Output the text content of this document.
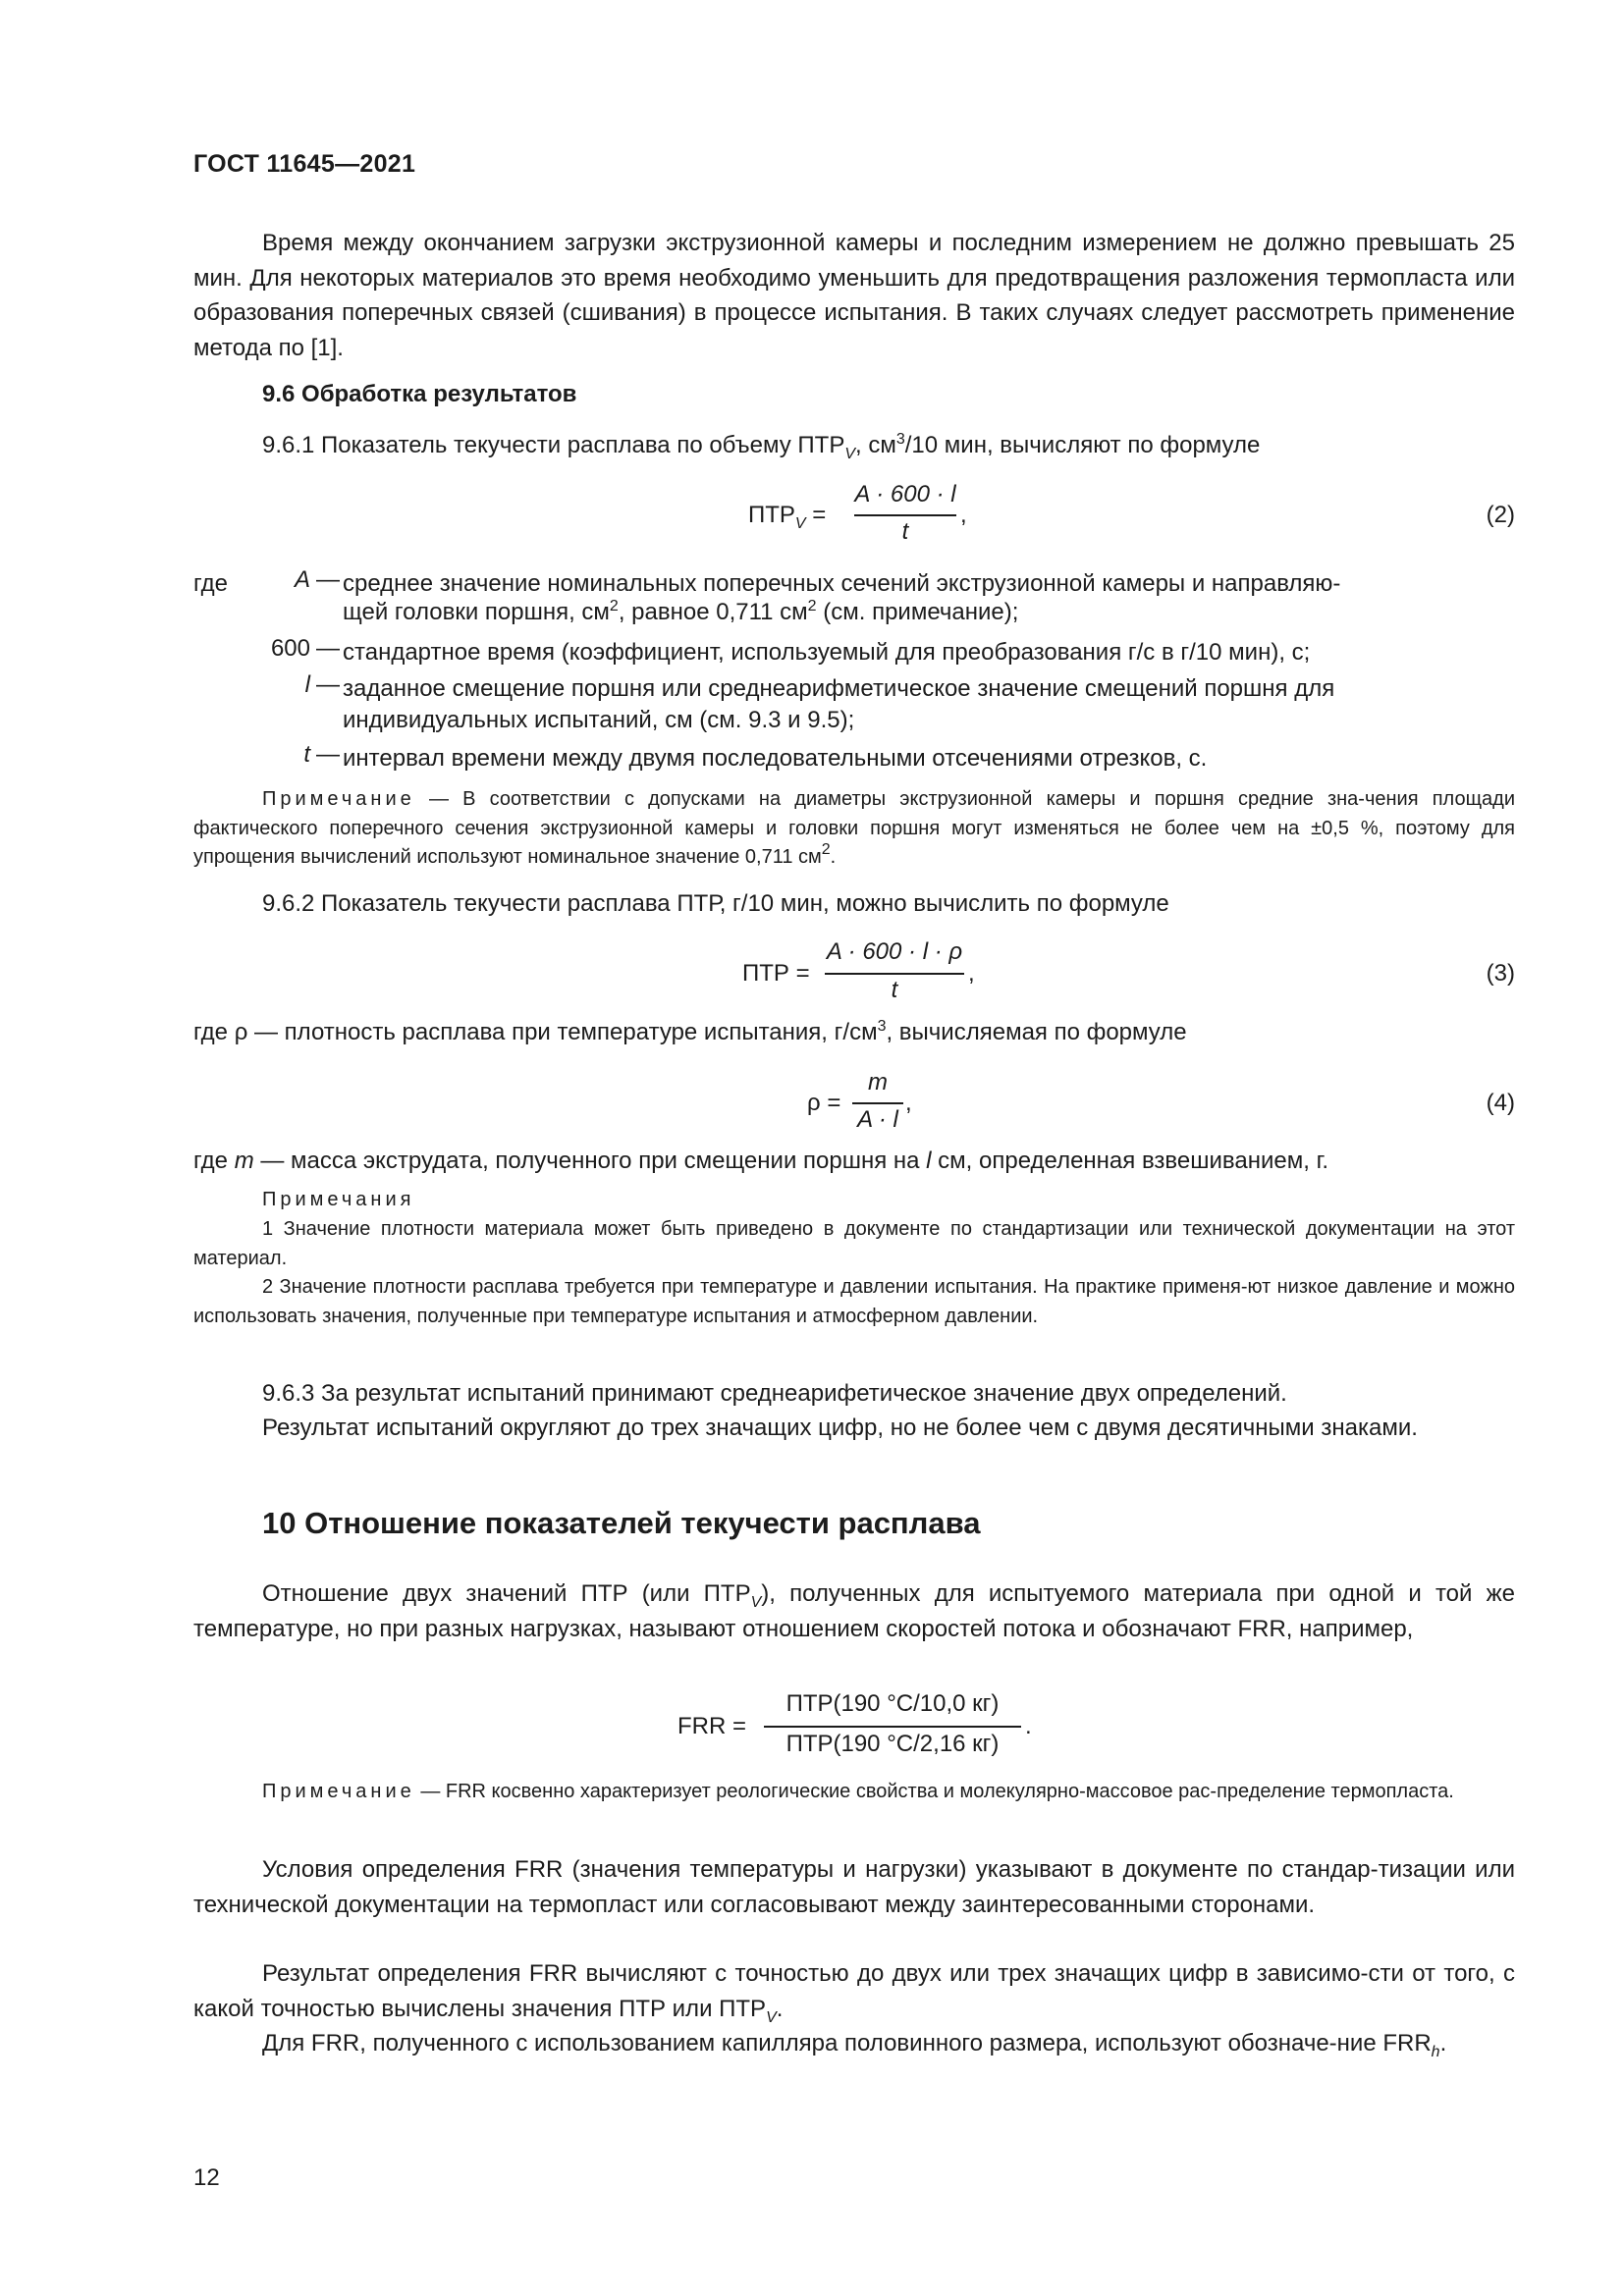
ГОСТ 11645—2021
Время между окончанием загрузки экструзионной камеры и последним измерением не должно превышать 25 мин. Для некоторых материалов это время необходимо уменьшить для предотвращения разложения термопласта или образования поперечных связей (сшивания) в процессе испытания. В таких случаях следует рассмотреть применение метода по [1].
9.6 Обработка результатов
9.6.1 Показатель текучести расплава по объему $ПТР_V$, $см^3/10$ мин, вычисляют по формуле
$ПТР_V$ =
A · 600 · l
t
,	(2)
где	A — среднее значение номинальных поперечных сечений экструзионной камеры и направляю-
щей головки поршня, $см^2$, равное 0,711 $см^2$ (см. примечание);
600 — стандартное время (коэффициент, используемый для преобразования г/с в г/10 мин), с;
l — заданное смещение поршня или среднеарифметическое значение смещений поршня для
индивидуальных испытаний, см (см. 9.3 и 9.5);
t — интервал времени между двумя последовательными отсечениями отрезков, с.
Примечание — В соответствии с допусками на диаметры экструзионной камеры и поршня средние зна-чения площади фактического поперечного сечения экструзионной камеры и головки поршня могут изменяться не более чем на ±0,5 %, поэтому для упрощения вычислений используют номинальное значение 0,711 $см^2$.
9.6.2 Показатель текучести расплава ПТР, г/10 мин, можно вычислить по формуле
ПТР =
A · 600 · l · ρ
t
,	(3)
где ρ — плотность расплава при температуре испытания, $г/см^3$, вычисляемая по формуле
ρ =
m
A · l
,	(4)
где m — масса экструдата, полученного при смещении поршня на l см, определенная взвешиванием, г.
Примечания
1 Значение плотности материала может быть приведено в документе по стандартизации или технической документации на этот материал.
2 Значение плотности расплава требуется при температуре и давлении испытания. На практике применя-ют низкое давление и можно использовать значения, полученные при температуре испытания и атмосферном давлении.
9.6.3 За результат испытаний принимают среднеарифетическое значение двух определений.
Результат испытаний округляют до трех значащих цифр, но не более чем с двумя десятичными знаками.
10 Отношение показателей текучести расплава
Отношение двух значений ПТР (или $ПТР_V$), полученных для испытуемого материала при одной и той же температуре, но при разных нагрузках, называют отношением скоростей потока и обозначают FRR, например,
FRR =
ПТР(190 °С/10,0 кг)
ПТР(190 °С/2,16 кг)
.
Примечание — FRR косвенно характеризует реологические свойства и молекулярно-массовое рас-пределение термопласта.
Условия определения FRR (значения температуры и нагрузки) указывают в документе по стандар-тизации или технической документации на термопласт или согласовывают между заинтересованными сторонами.
Результат определения FRR вычисляют с точностью до двух или трех значащих цифр в зависимо-сти от того, с какой точностью вычислены значения ПТР или $ПТР_V$.
Для FRR, полученного с использованием капилляра половинного размера, используют обозначе-ние $FRR_h$.
12
